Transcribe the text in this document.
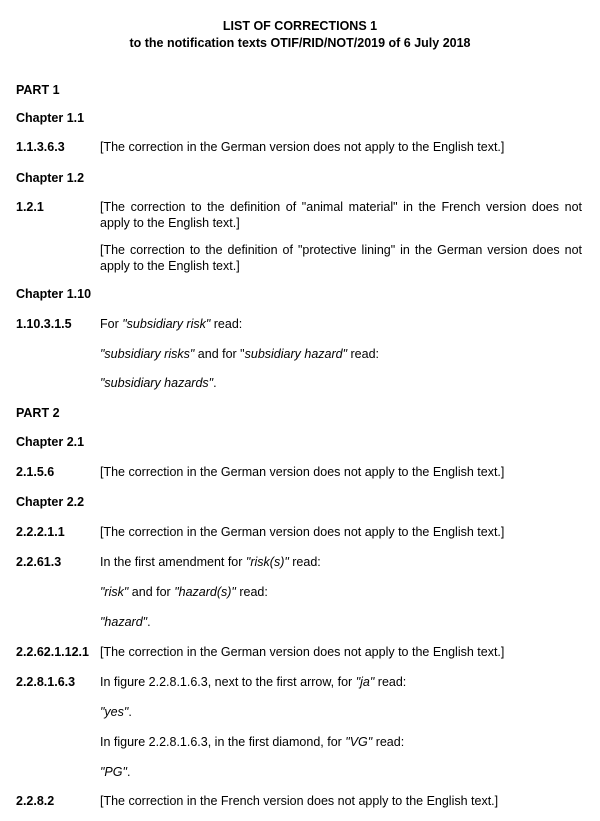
LIST OF CORRECTIONS 1
to the notification texts OTIF/RID/NOT/2019 of 6 July 2018
PART 1
Chapter 1.1
1.1.3.6.3	[The correction in the German version does not apply to the English text.]
Chapter 1.2
1.2.1	[The correction to the definition of "animal material" in the French version does not apply to the English text.]
[The correction to the definition of "protective lining" in the German version does not apply to the English text.]
Chapter 1.10
1.10.3.1.5 For "subsidiary risk" read:
"subsidiary risks" and for "subsidiary hazard" read:
"subsidiary hazards".
PART 2
Chapter 2.1
2.1.5.6	[The correction in the German version does not apply to the English text.]
Chapter 2.2
2.2.2.1.1	[The correction in the German version does not apply to the English text.]
2.2.61.3	In the first amendment for "risk(s)" read:
"risk" and for "hazard(s)" read:
"hazard".
2.2.62.1.12.1 [The correction in the German version does not apply to the English text.]
2.2.8.1.6.3 In figure 2.2.8.1.6.3, next to the first arrow, for "ja" read:
"yes".
In figure 2.2.8.1.6.3, in the first diamond, for "VG" read:
"PG".
2.2.8.2	[The correction in the French version does not apply to the English text.]
